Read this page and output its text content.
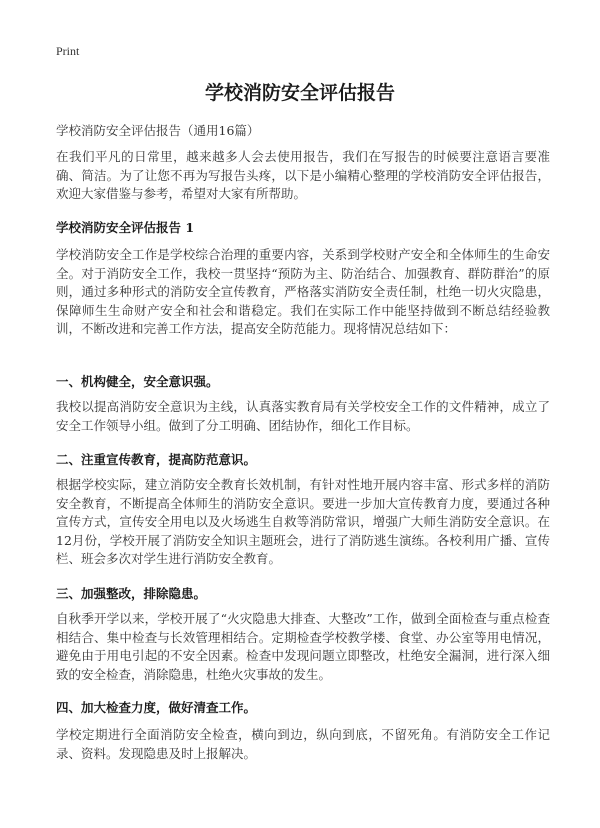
Print
学校消防安全评估报告

学校消防安全评估报告（通用16篇）

在我们平凡的日常里，越来越多人会去使用报告，我们在写报告的时候要注意语言要准确、简洁。为了让您不再为写报告头疼，以下是小编精心整理的学校消防安全评估报告，欢迎大家借鉴与参考，希望对大家有所帮助。

学校消防安全评估报告 1

学校消防安全工作是学校综合治理的重要内容，关系到学校财产安全和全体师生的生命安全。对于消防安全工作，我校一贯坚持“预防为主、防治结合、加强教育、群防群治”的原则，通过多种形式的消防安全宣传教育，严格落实消防安全责任制，杜绝一切火灾隐患，保障师生生命财产安全和社会和谐稳定。我们在实际工作中能坚持做到不断总结经验教训，不断改进和完善工作方法，提高安全防范能力。现将情况总结如下：

一、机构健全，安全意识强。

我校以提高消防安全意识为主线，认真落实教育局有关学校安全工作的文件精神，成立了安全工作领导小组。做到了分工明确、团结协作，细化工作目标。

二、注重宣传教育，提高防范意识。

根据学校实际，建立消防安全教育长效机制，有针对性地开展内容丰富、形式多样的消防安全教育，不断提高全体师生的消防安全意识。要进一步加大宣传教育力度，要通过各种宣传方式，宣传安全用电以及火场逃生自救等消防常识，增强广大师生消防安全意识。在12月份，学校开展了消防安全知识主题班会，进行了消防逃生演练。各校利用广播、宣传栏、班会多次对学生进行消防安全教育。

三、加强整改，排除隐患。

自秋季开学以来，学校开展了“火灾隐患大排查、大整改”工作，做到全面检查与重点检查相结合、集中检查与长效管理相结合。定期检查学校教学楼、食堂、办公室等用电情况，避免由于用电引起的不安全因素。检查中发现问题立即整改，杜绝安全漏洞，进行深入细致的安全检查，消除隐患，杜绝火灾事故的发生。

四、加大检查力度，做好清查工作。

学校定期进行全面消防安全检查，横向到边，纵向到底，不留死角。有消防安全工作记录、资料。发现隐患及时上报解决。
